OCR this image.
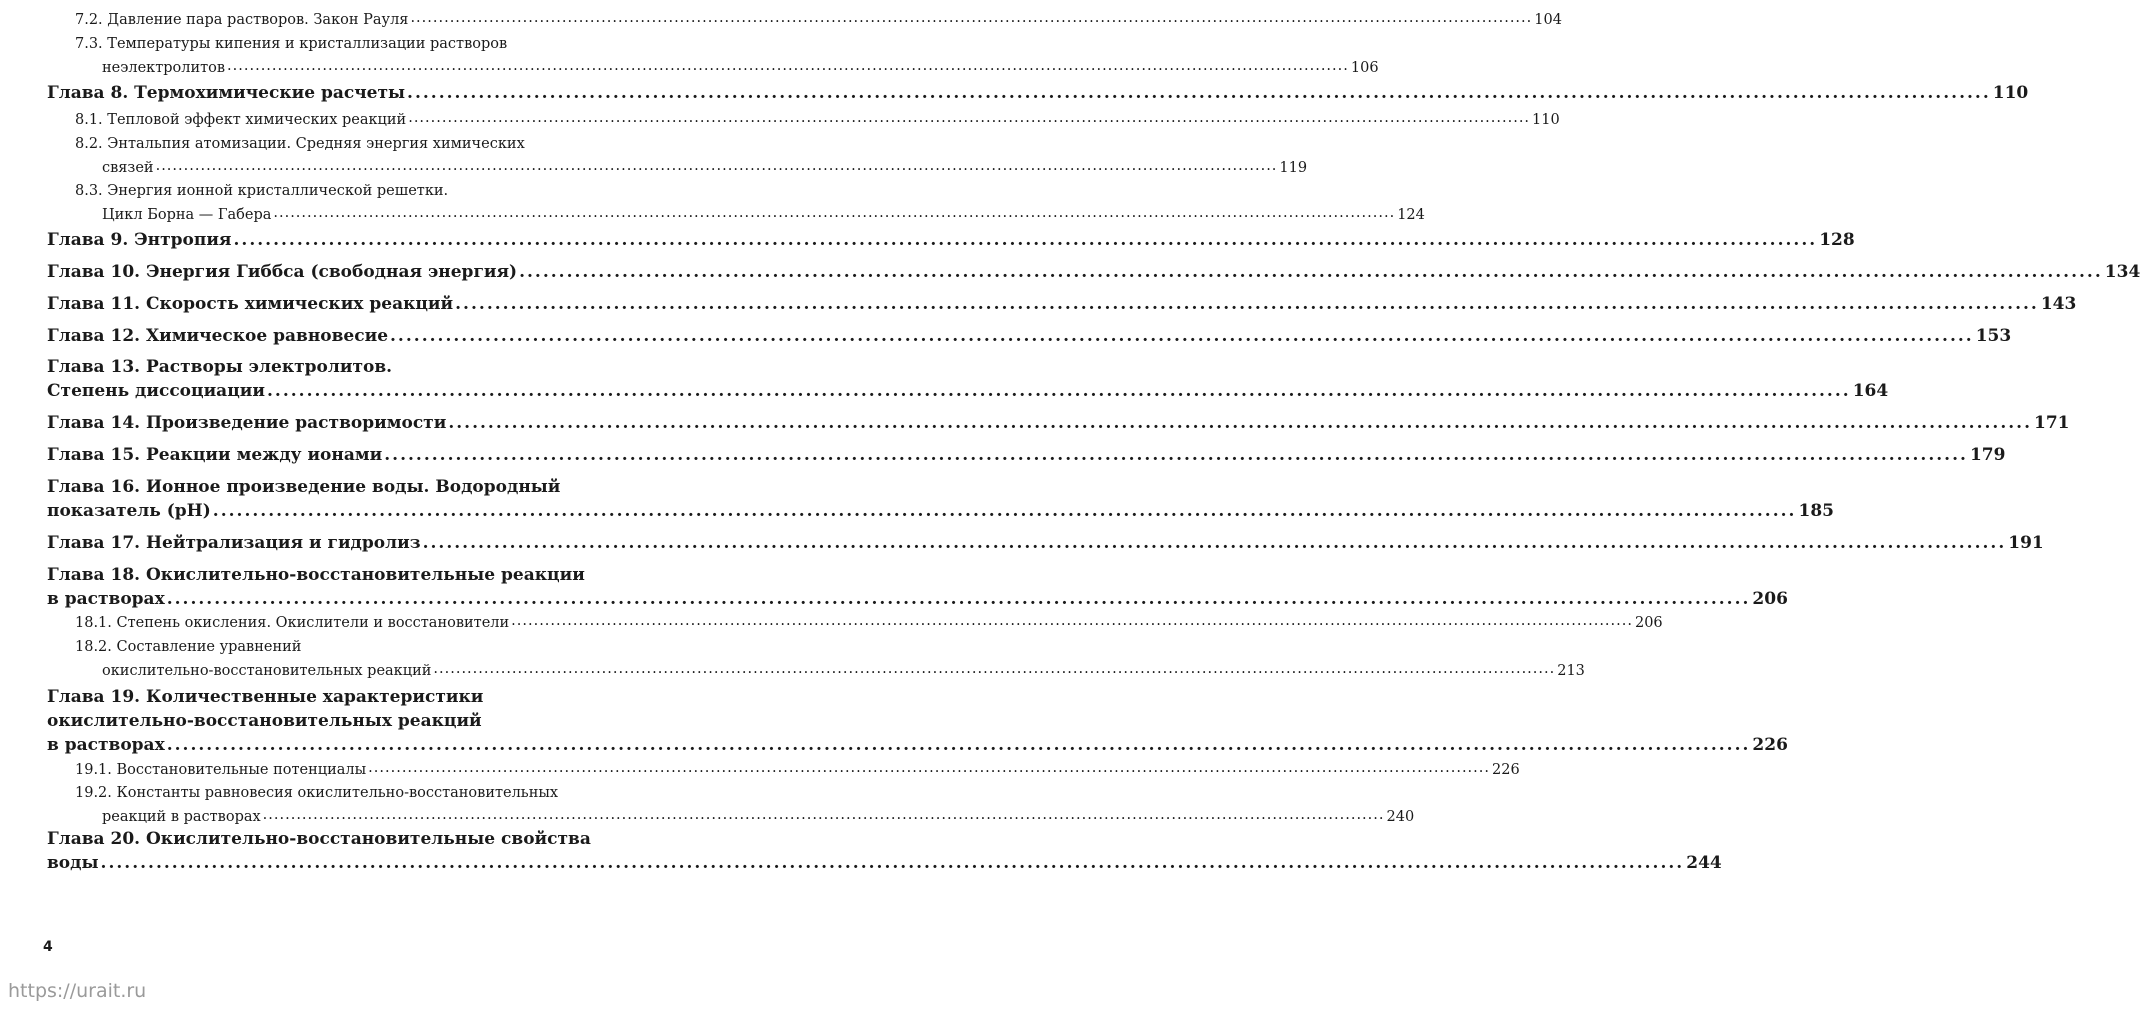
7.2. Давление пара растворов. Закон Рауля ........................................................................................................................................................................................................ 104
7.3. Температуры кипения и кристаллизации растворов
неэлектролитов ........................................................................................................................................................................................................ 106
Глава 8. Термохимические расчеты ........................................................................................................................................................................................................ 110
8.1. Тепловой эффект химических реакций ........................................................................................................................................................................................................ 110
8.2. Энтальпия атомизации. Средняя энергия химических
связей ........................................................................................................................................................................................................ 119
8.3. Энергия ионной кристаллической решетки.
Цикл Борна — Габера ........................................................................................................................................................................................................ 124
Глава 9. Энтропия ........................................................................................................................................................................................................ 128
Глава 10. Энергия Гиббса (свободная энергия) ........................................................................................................................................................................................................ 134
Глава 11. Скорость химических реакций ........................................................................................................................................................................................................ 143
Глава 12. Химическое равновесие ........................................................................................................................................................................................................ 153
Глава 13. Растворы электролитов.
Степень диссоциации ........................................................................................................................................................................................................ 164
Глава 14. Произведение растворимости ........................................................................................................................................................................................................ 171
Глава 15. Реакции между ионами ........................................................................................................................................................................................................ 179
Глава 16. Ионное произведение воды. Водородный
показатель (pH) ........................................................................................................................................................................................................ 185
Глава 17. Нейтрализация и гидролиз ........................................................................................................................................................................................................ 191
Глава 18. Окислительно-восстановительные реакции
в растворах ........................................................................................................................................................................................................ 206
18.1. Степень окисления. Окислители и восстановители ........................................................................................................................................................................................................ 206
18.2. Составление уравнений
окислительно-восстановительных реакций ........................................................................................................................................................................................................ 213
Глава 19. Количественные характеристики
окислительно-восстановительных реакций
в растворах ........................................................................................................................................................................................................ 226
19.1. Восстановительные потенциалы ........................................................................................................................................................................................................ 226
19.2. Константы равновесия окислительно-восстановительных
реакций в растворах ........................................................................................................................................................................................................ 240
Глава 20. Окислительно-восстановительные свойства
воды ........................................................................................................................................................................................................ 244
4
https://urait.ru
